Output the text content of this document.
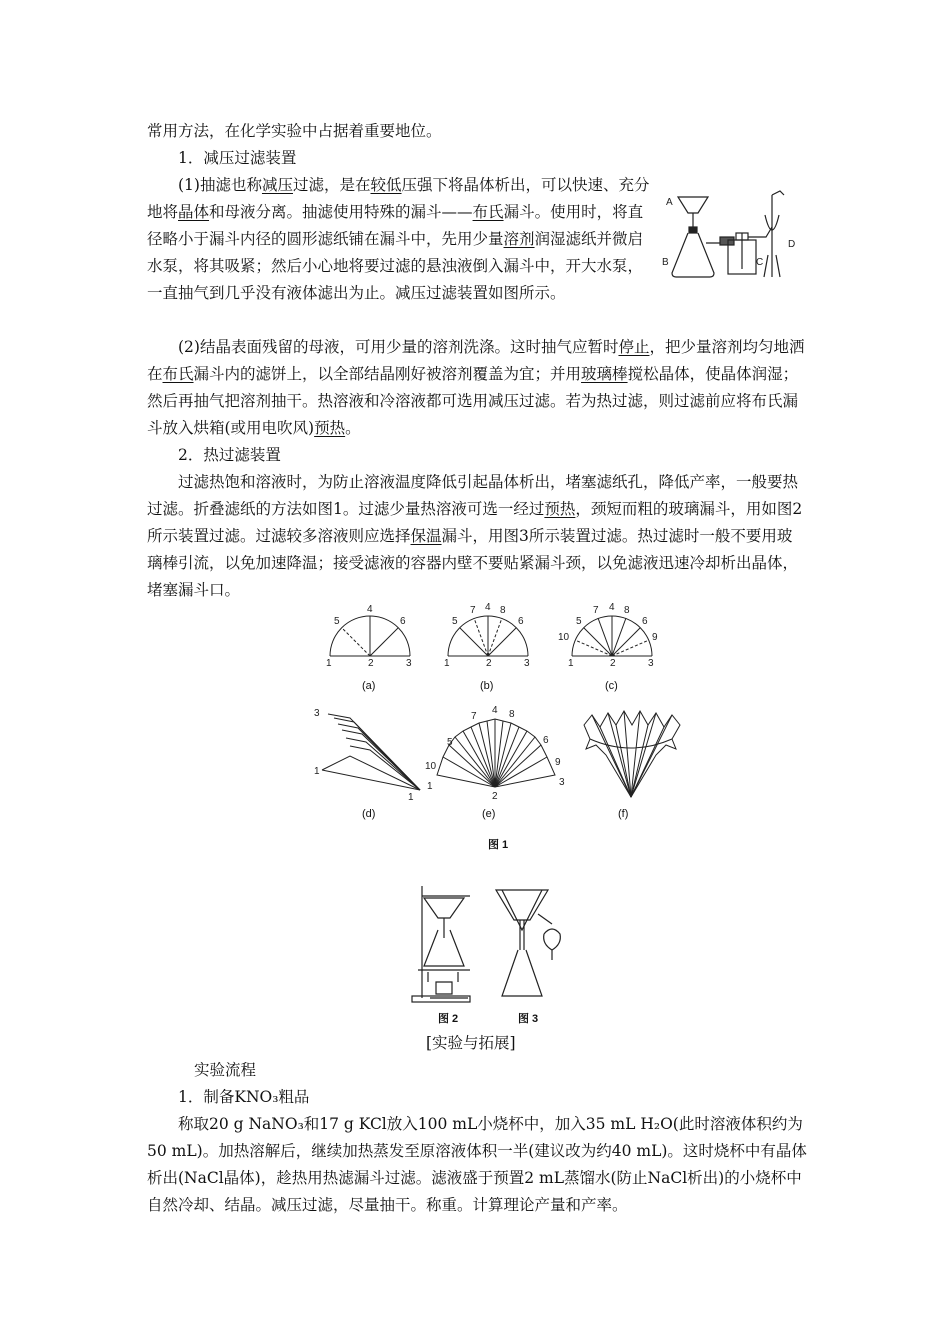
常用方法，在化学实验中占据着重要地位。

1．减压过滤装置

(1)抽滤也称减压过滤，是在较低压强下将晶体析出，可以快速、充分地将晶体和母液分离。抽滤使用特殊的漏斗——布氏漏斗。使用时，将直径略小于漏斗内径的圆形滤纸铺在漏斗中，先用少量溶剂润湿滤纸并微启水泵，将其吸紧；然后小心地将要过滤的悬浊液倒入漏斗中，开大水泵，一直抽气到几乎没有液体滤出为止。减压过滤装置如图所示。

A
B	C
D

(2)结晶表面残留的母液，可用少量的溶剂洗涤。这时抽气应暂时停止，把少量溶剂均匀地洒在布氏漏斗内的滤饼上，以全部结晶刚好被溶剂覆盖为宜；并用玻璃棒搅松晶体，使晶体润湿；然后再抽气把溶剂抽干。热溶液和冷溶液都可选用减压过滤。若为热过滤，则过滤前应将布氏漏斗放入烘箱(或用电吹风)预热。

2．热过滤装置

过滤热饱和溶液时，为防止溶液温度降低引起晶体析出，堵塞滤纸孔，降低产率，一般要热过滤。折叠滤纸的方法如图1。过滤少量热溶液可选一经过预热，颈短而粗的玻璃漏斗，用如图2所示装置过滤。过滤较多溶液则应选择保温漏斗，用图3所示装置过滤。热过滤时一般不要用玻璃棒引流，以免加速降温；接受滤液的容器内壁不要贴紧漏斗颈，以免滤液迅速冷却析出晶体，堵塞漏斗口。

1	2	3
4
5	6
(a)
1	2	3
4
5	6
7 8
(b)
1	2	3
4
5	6
7	8
9
10
(c)
3
1
1
(d)
7
4 8
5	6
10	9
1	3
2
(e)	(f)
图 1
图 2	图 3

[实验与拓展]

实验流程

1．制备KNO₃粗品

称取20 g NaNO₃和17 g KCl放入100 mL小烧杯中，加入35 mL H₂O(此时溶液体积约为50 mL)。加热溶解后，继续加热蒸发至原溶液体积一半(建议改为约40 mL)。这时烧杯中有晶体析出(NaCl晶体)，趁热用热滤漏斗过滤。滤液盛于预置2 mL蒸馏水(防止NaCl析出)的小烧杯中自然冷却、结晶。减压过滤，尽量抽干。称重。计算理论产量和产率。
